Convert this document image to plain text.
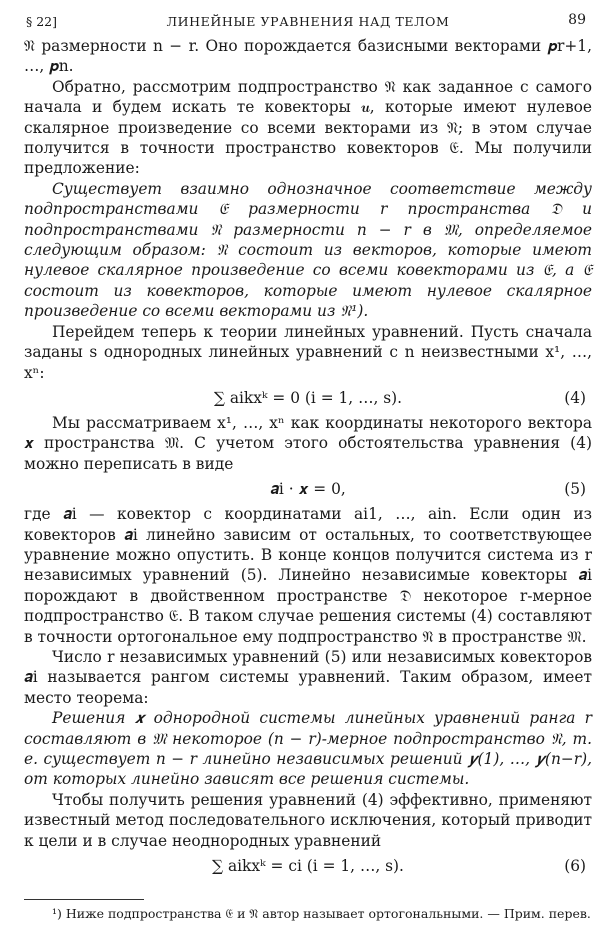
§ 22]	ЛИНЕЙНЫЕ УРАВНЕНИЯ НАД ТЕЛОМ	89

𝔑 размерности n − r. Оно порождается базисными векторами 𝒑r+1, …, 𝒑n.

Обратно, рассмотрим подпространство 𝔑 как заданное с самого начала и будем искать те ковекторы 𝒖, которые имеют нулевое скалярное произведение со всеми векторами из 𝔑; в этом случае получится в точности пространство ковекторов 𝔈. Мы получили предложение:

Существует взаимно однозначное соответствие между подпространствами 𝔈 размерности r пространства 𝔇 и подпространствами 𝔑 размерности n − r в 𝔐, определяемое следующим образом: 𝔑 состоит из векторов, которые имеют нулевое скалярное произведение со всеми ковекторами из 𝔈, а 𝔈 состоит из ковекторов, которые имеют нулевое скалярное произведение со всеми векторами из 𝔑¹).

Перейдем теперь к теории линейных уравнений. Пусть сначала заданы s однородных линейных уравнений с n неизвестными x¹, …, xⁿ:

∑ aikxᵏ = 0 (i = 1, …, s).	(4)

Мы рассматриваем x¹, …, xⁿ как координаты некоторого вектора 𝒙 пространства 𝔐. С учетом этого обстоятельства уравнения (4) можно переписать в виде

𝒂i · 𝒙 = 0,	(5)

где 𝒂i — ковектор с координатами ai1, …, ain. Если один из ковекторов 𝒂i линейно зависим от остальных, то соответствующее уравнение можно опустить. В конце концов получится система из r независимых уравнений (5). Линейно независимые ковекторы 𝒂i порождают в двойственном пространстве 𝔇 некоторое r-мерное подпространство 𝔈. В таком случае решения системы (4) составляют в точности ортогональное ему подпространство 𝔑 в пространстве 𝔐.

Число r независимых уравнений (5) или независимых ковекторов 𝒂i называется рангом системы уравнений. Таким образом, имеет место теорема:

Решения 𝒙 однородной системы линейных уравнений ранга r составляют в 𝔐 некоторое (n − r)-мерное подпространство 𝔑, т. е. существует n − r линейно независимых решений 𝒚(1), …, 𝒚(n−r), от которых линейно зависят все решения системы.

Чтобы получить решения уравнений (4) эффективно, применяют известный метод последовательного исключения, который приводит к цели и в случае неоднородных уравнений

∑ aikxᵏ = ci (i = 1, …, s).	(6)

¹) Ниже подпространства 𝔈 и 𝔑 автор называет ортогональными. — Прим. перев.
